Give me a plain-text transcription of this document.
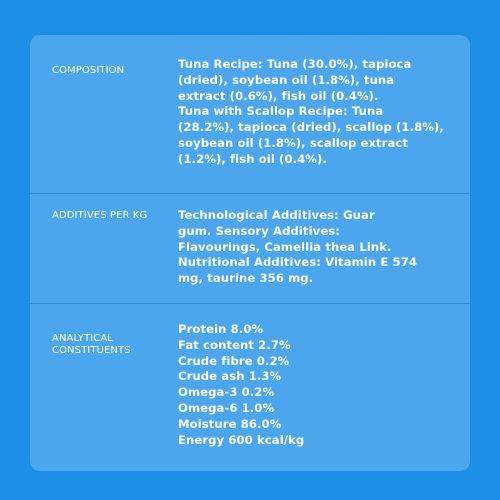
COMPOSITION	Tuna Recipe: Tuna (30.0%), tapioca

(dried), soybean oil (1.8%), tuna

extract (0.6%), fish oil (0.4%).

Tuna with Scallop Recipe: Tuna

(28.2%), tapioca (dried), scallop (1.8%),

soybean oil (1.8%), scallop extract

(1.2%), fish oil (0.4%).

ADDITIVES PER KG	Technological Additives: Guar

gum. Sensory Additives:

Flavourings, Camellia thea Link.

Nutritional Additives: Vitamin E 574

mg, taurine 356 mg.

ANALYTICAL CONSTITUENTS

Protein 8.0%

Fat content 2.7%

Crude fibre 0.2%

Crude ash 1.3%

Omega-3 0.2%

Omega-6 1.0%

Moisture 86.0%

Energy 600 kcal/kg
